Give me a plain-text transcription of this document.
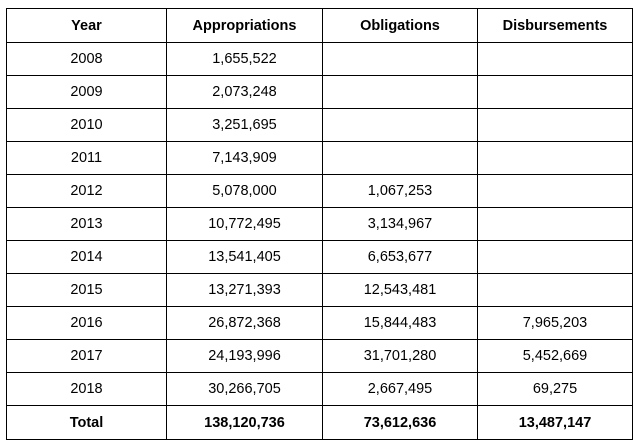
Year	Appropriations	Obligations	Disbursements
2008	1,655,522		
2009	2,073,248		
2010	3,251,695		
2011	7,143,909		
2012	5,078,000	1,067,253	
2013	10,772,495	3,134,967	
2014	13,541,405	6,653,677	
2015	13,271,393	12,543,481	
2016	26,872,368	15,844,483	7,965,203
2017	24,193,996	31,701,280	5,452,669
2018	30,266,705	2,667,495	69,275
Total	138,120,736	73,612,636	13,487,147
